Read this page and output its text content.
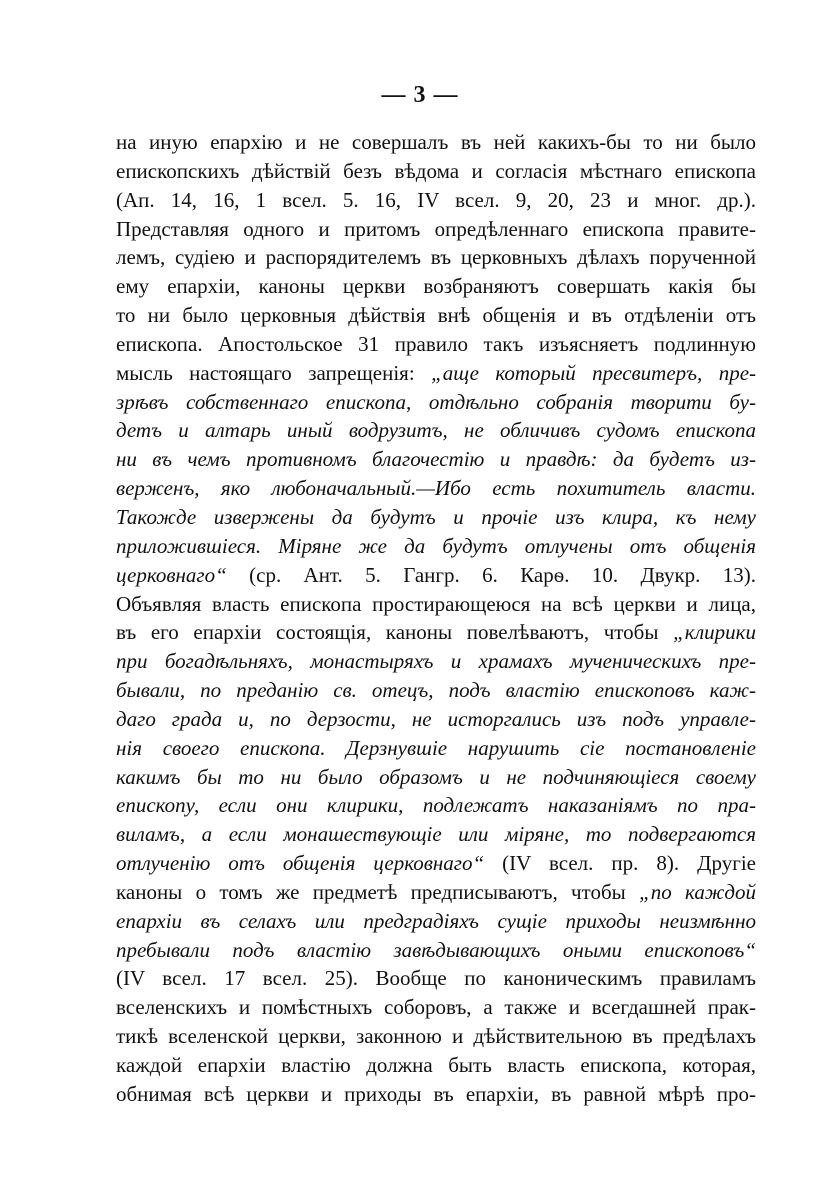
— 3 —
на иную епархію и не совершалъ въ ней какихъ-бы то ни было
епископскихъ дѣйствій безъ вѣдома и согласія мѣстнаго епископа
(Ап. 14, 16, 1 всел. 5. 16, IV всел. 9, 20, 23 и мног. др.).
Представляя одного и притомъ опредѣленнаго епископа правите-
лемъ, судіею и распорядителемъ въ церковныхъ дѣлахъ порученной
ему епархіи, каноны церкви возбраняютъ совершать какія бы
то ни было церковныя дѣйствія внѣ общенія и въ отдѣленіи отъ
епископа. Апостольское 31 правило такъ изъясняетъ подлинную
мысль настоящаго запрещенія: „аще который пресвитеръ, пре-
зрѣвъ собственнаго епископа, отдѣльно собранія творити бу-
детъ и алтарь иный водрузитъ, не обличивъ судомъ епископа
ни въ чемъ противномъ благочестію и правдѣ: да будетъ из-
верженъ, яко любоначальный.—Ибо есть похититель власти.
Такожде извержены да будутъ и прочіе изъ клира, къ нему
приложившіеся. Міряне же да будутъ отлучены отъ общенія
церковнаго“ (ср. Ант. 5. Гангр. 6. Карѳ. 10. Двукр. 13).
Объявляя власть епископа простирающеюся на всѣ церкви и лица,
въ его епархіи состоящія, каноны повелѣваютъ, чтобы „клирики
при богадѣльняхъ, монастыряхъ и храмахъ мученическихъ пре-
бывали, по преданію св. отецъ, подъ властію епископовъ каж-
даго града и, по дерзости, не исторгались изъ подъ управле-
нія своего епископа. Дерзнувшіе нарушить сіе постановленіе
какимъ бы то ни было образомъ и не подчиняющіеся своему
епископу, если они клирики, подлежатъ наказаніямъ по пра-
виламъ, а если монашествующіе или міряне, то подвергаются
отлученію отъ общенія церковнаго“ (IV всел. пр. 8). Другіе
каноны о томъ же предметѣ предписываютъ, чтобы „по каждой
епархіи въ селахъ или предградіяхъ сущіе приходы неизмѣнно
пребывали подъ властію завѣдывающихъ оными епископовъ“
(IV всел. 17 всел. 25). Вообще по каноническимъ правиламъ
вселенскихъ и помѣстныхъ соборовъ, а также и всегдашней прак-
тикѣ вселенской церкви, законною и дѣйствительною въ предѣлахъ
каждой епархіи властію должна быть власть епископа, которая,
обнимая всѣ церкви и приходы въ епархіи, въ равной мѣрѣ про-
